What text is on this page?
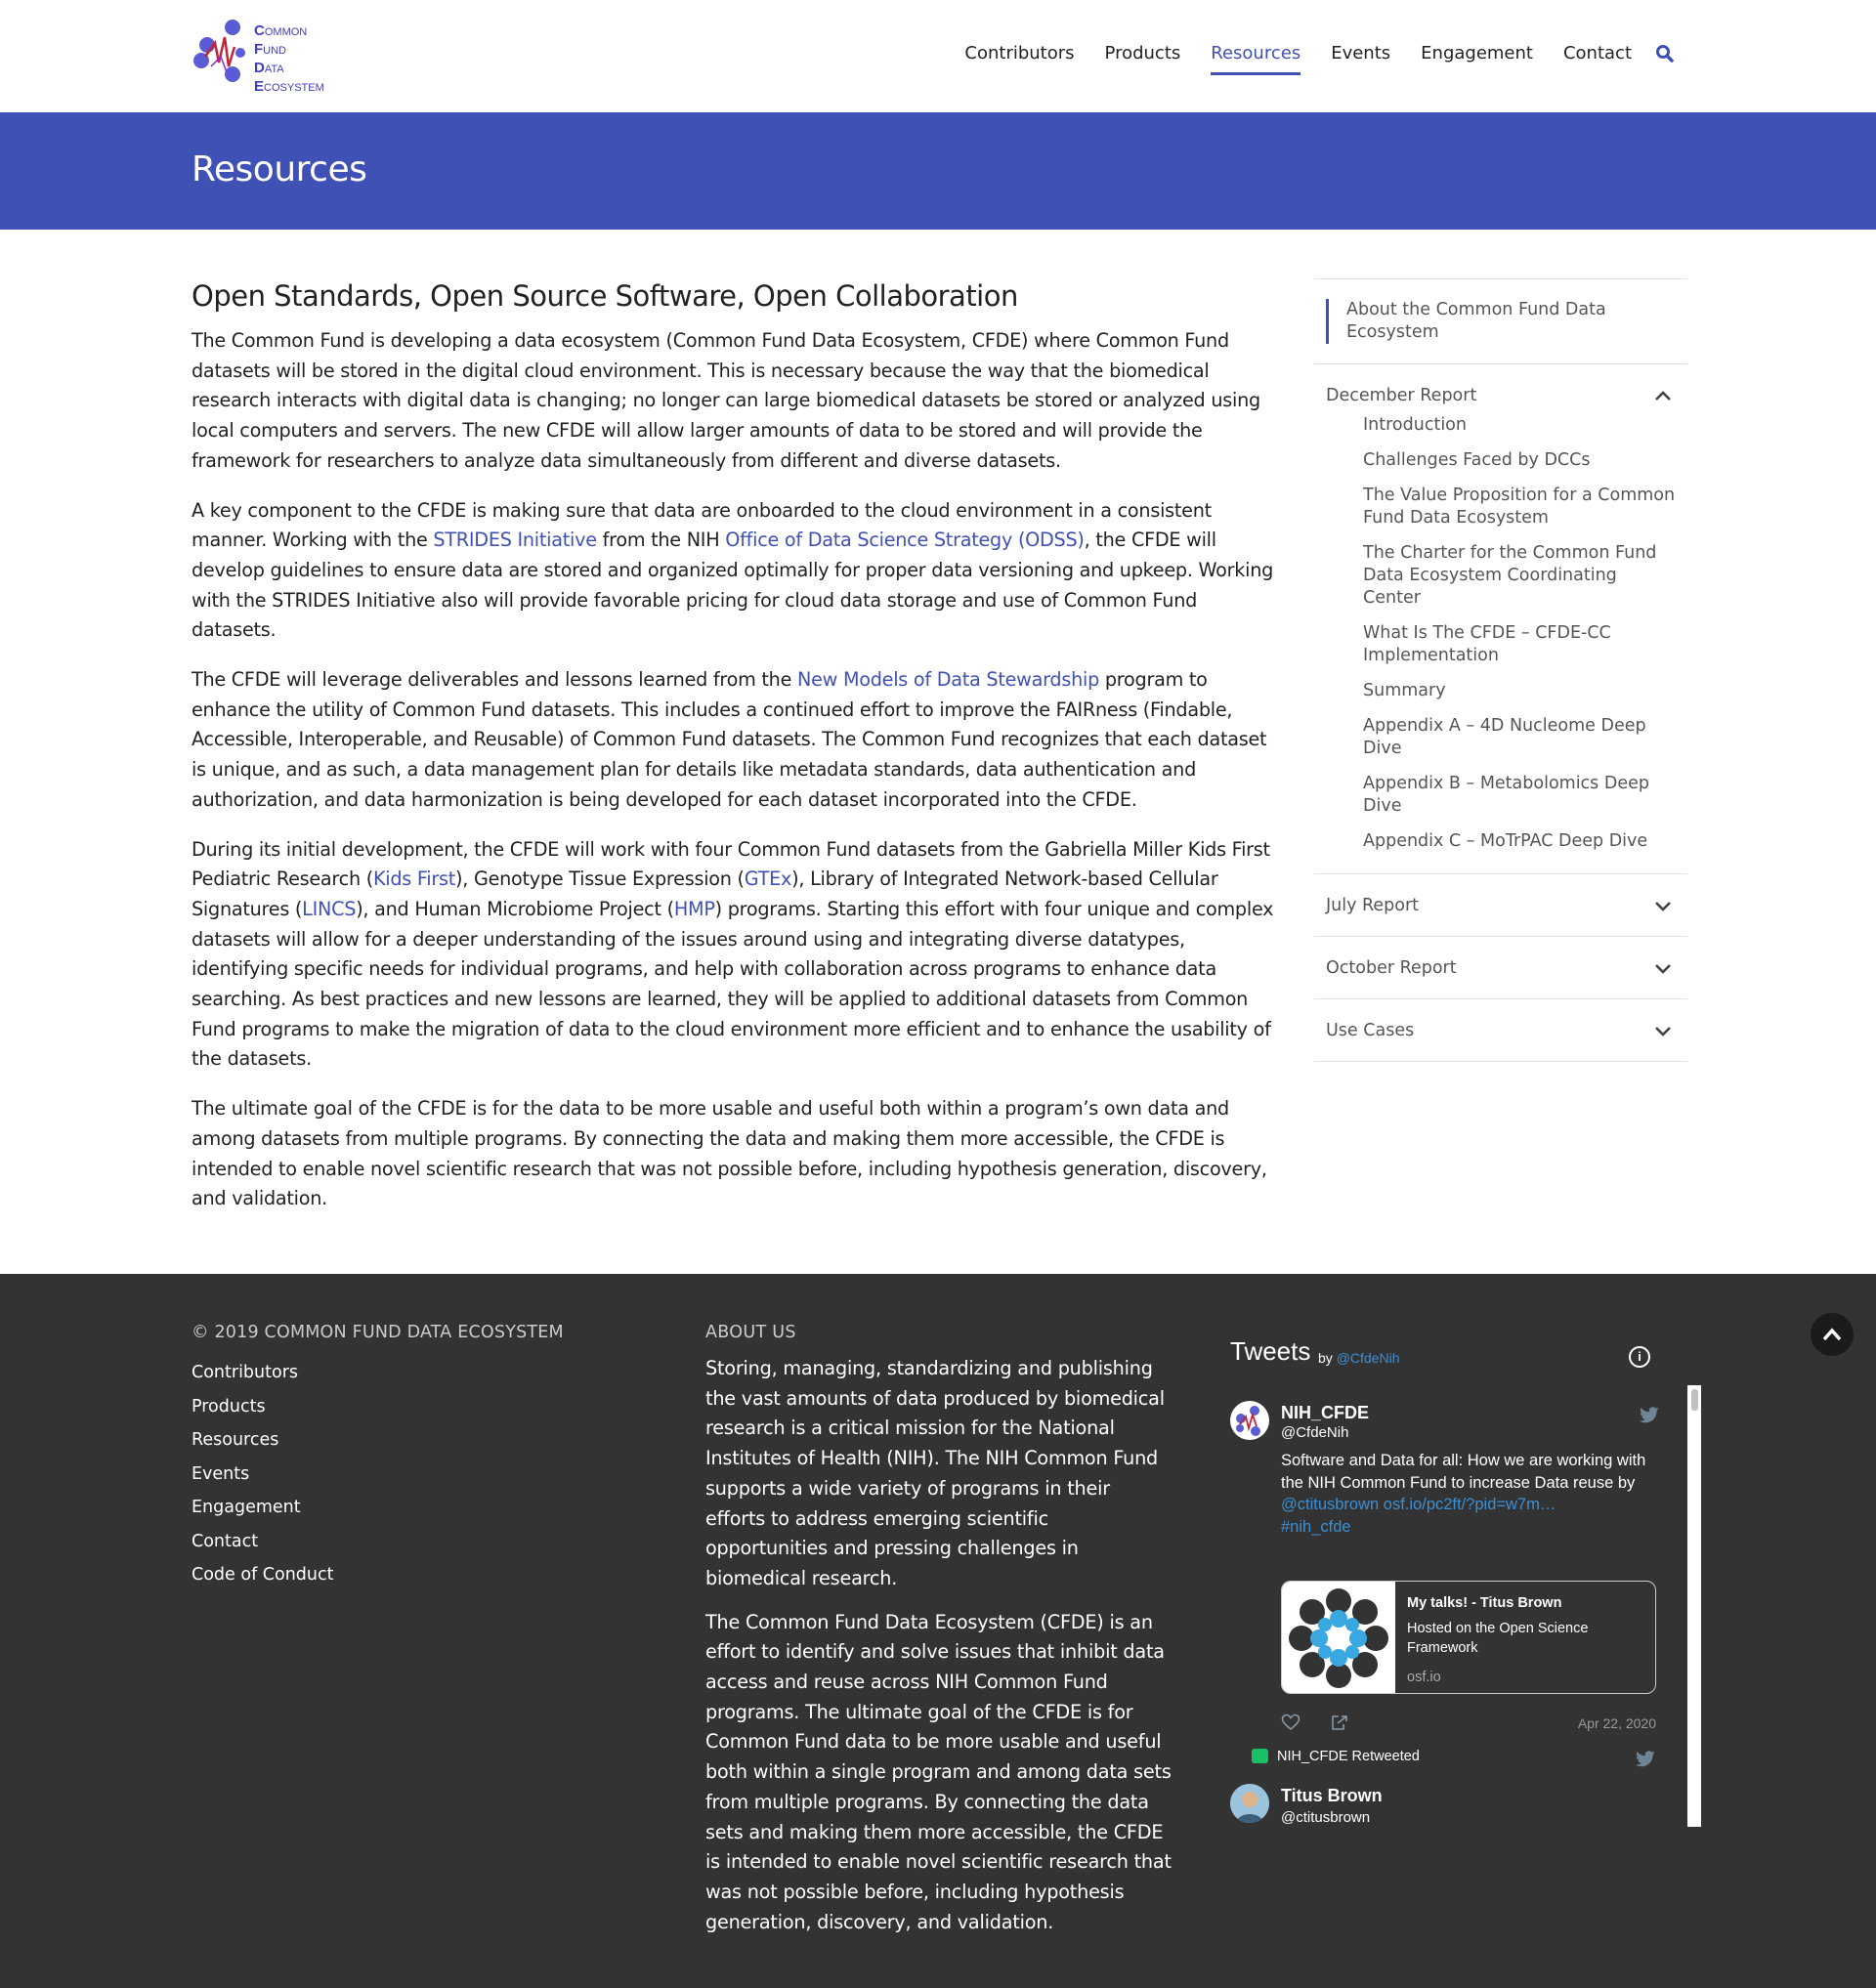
COMMON
FUND
DATA
ECOSYSTEM
Contributors Products Resources Events Engagement Contact
Resources
Open Standards, Open Source Software, Open Collaboration

The Common Fund is developing a data ecosystem (Common Fund Data Ecosystem, CFDE) where Common Fund datasets will be stored in the digital cloud environment. This is necessary because the way that the biomedical research interacts with digital data is changing; no longer can large biomedical datasets be stored or analyzed using local computers and servers. The new CFDE will allow larger amounts of data to be stored and will provide the framework for researchers to analyze data simultaneously from different and diverse datasets.

A key component to the CFDE is making sure that data are onboarded to the cloud environment in a consistent manner. Working with the STRIDES Initiative from the NIH Office of Data Science Strategy (ODSS), the CFDE will develop guidelines to ensure data are stored and organized optimally for proper data versioning and upkeep. Working with the STRIDES Initiative also will provide favorable pricing for cloud data storage and use of Common Fund datasets.

The CFDE will leverage deliverables and lessons learned from the New Models of Data Stewardship program to enhance the utility of Common Fund datasets. This includes a continued effort to improve the FAIRness (Findable, Accessible, Interoperable, and Reusable) of Common Fund datasets. The Common Fund recognizes that each dataset is unique, and as such, a data management plan for details like metadata standards, data authentication and authorization, and data harmonization is being developed for each dataset incorporated into the CFDE.

During its initial development, the CFDE will work with four Common Fund datasets from the Gabriella Miller Kids First Pediatric Research (Kids First), Genotype Tissue Expression (GTEx), Library of Integrated Network-based Cellular Signatures (LINCS), and Human Microbiome Project (HMP) programs. Starting this effort with four unique and complex datasets will allow for a deeper understanding of the issues around using and integrating diverse datatypes, identifying specific needs for individual programs, and help with collaboration across programs to enhance data searching. As best practices and new lessons are learned, they will be applied to additional datasets from Common Fund programs to make the migration of data to the cloud environment more efficient and to enhance the usability of the datasets.

The ultimate goal of the CFDE is for the data to be more usable and useful both within a program’s own data and among datasets from multiple programs. By connecting the data and making them more accessible, the CFDE is intended to enable novel scientific research that was not possible before, including hypothesis generation, discovery, and validation.

About the Common Fund Data Ecosystem
December Report
Introduction
Challenges Faced by DCCs
The Value Proposition for a Common Fund Data Ecosystem
The Charter for the Common Fund Data Ecosystem Coordinating Center
What Is The CFDE – CFDE-CC Implementation
Summary
Appendix A – 4D Nucleome Deep Dive
Appendix B – Metabolomics Deep Dive
Appendix C – MoTrPAC Deep Dive
July Report
October Report
Use Cases
© 2019 COMMON FUND DATA ECOSYSTEM
Contributors
Products
Resources
Events
Engagement
Contact
Code of Conduct
ABOUT US

Storing, managing, standardizing and publishing the vast amounts of data produced by biomedical research is a critical mission for the National Institutes of Health (NIH). The NIH Common Fund supports a wide variety of programs in their efforts to address emerging scientific opportunities and pressing challenges in biomedical research.

The Common Fund Data Ecosystem (CFDE) is an effort to identify and solve issues that inhibit data access and reuse across NIH Common Fund programs. The ultimate goal of the CFDE is for Common Fund data to be more usable and useful both within a single program and among data sets from multiple programs. By connecting the data sets and making them more accessible, the CFDE is intended to enable novel scientific research that was not possible before, including hypothesis generation, discovery, and validation.

Tweets by @CfdeNih	i
NIH_CFDE
@CfdeNih
Software and Data for all: How we are working with the NIH Common Fund to increase Data reuse by @ctitusbrown osf.io/pc2ft/?pid=w7m…
#nih_cfde
My talks! - Titus Brown
Hosted on the Open Science Framework
osf.io
Apr 22, 2020
NIH_CFDE Retweeted
Titus Brown
@ctitusbrown
